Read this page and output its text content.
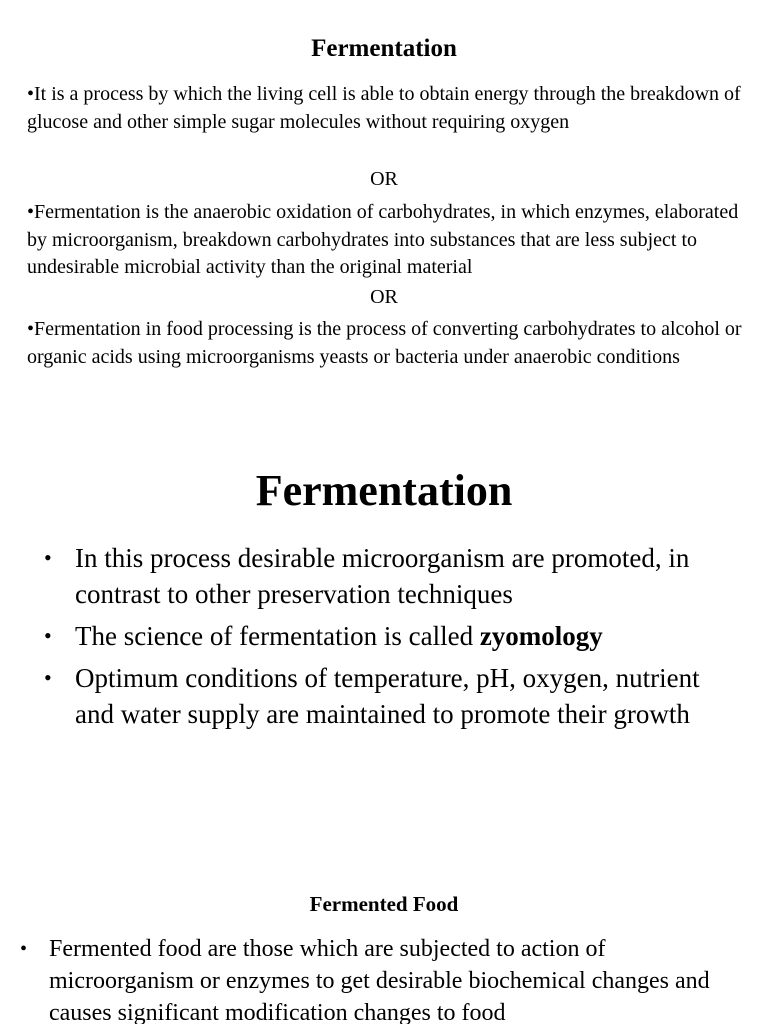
Fermentation
•It is a process by which the living cell is able to obtain energy through the breakdown of glucose and other simple sugar molecules without requiring oxygen
OR
•Fermentation is the anaerobic oxidation of carbohydrates, in which enzymes, elaborated by microorganism, breakdown carbohydrates into substances that are less subject to undesirable microbial activity than the original material
OR
•Fermentation in food processing is the process of converting carbohydrates to alcohol or organic acids using microorganisms yeasts or bacteria under anaerobic conditions
Fermentation
• In this process desirable microorganism are promoted, in contrast to other preservation techniques
• The science of fermentation is called zyomology
• Optimum conditions of temperature, pH, oxygen, nutrient and water supply are maintained to promote their growth
Fermented Food
• Fermented food are those which are subjected to action of microorganism or enzymes to get desirable biochemical changes and causes significant modification changes to food
